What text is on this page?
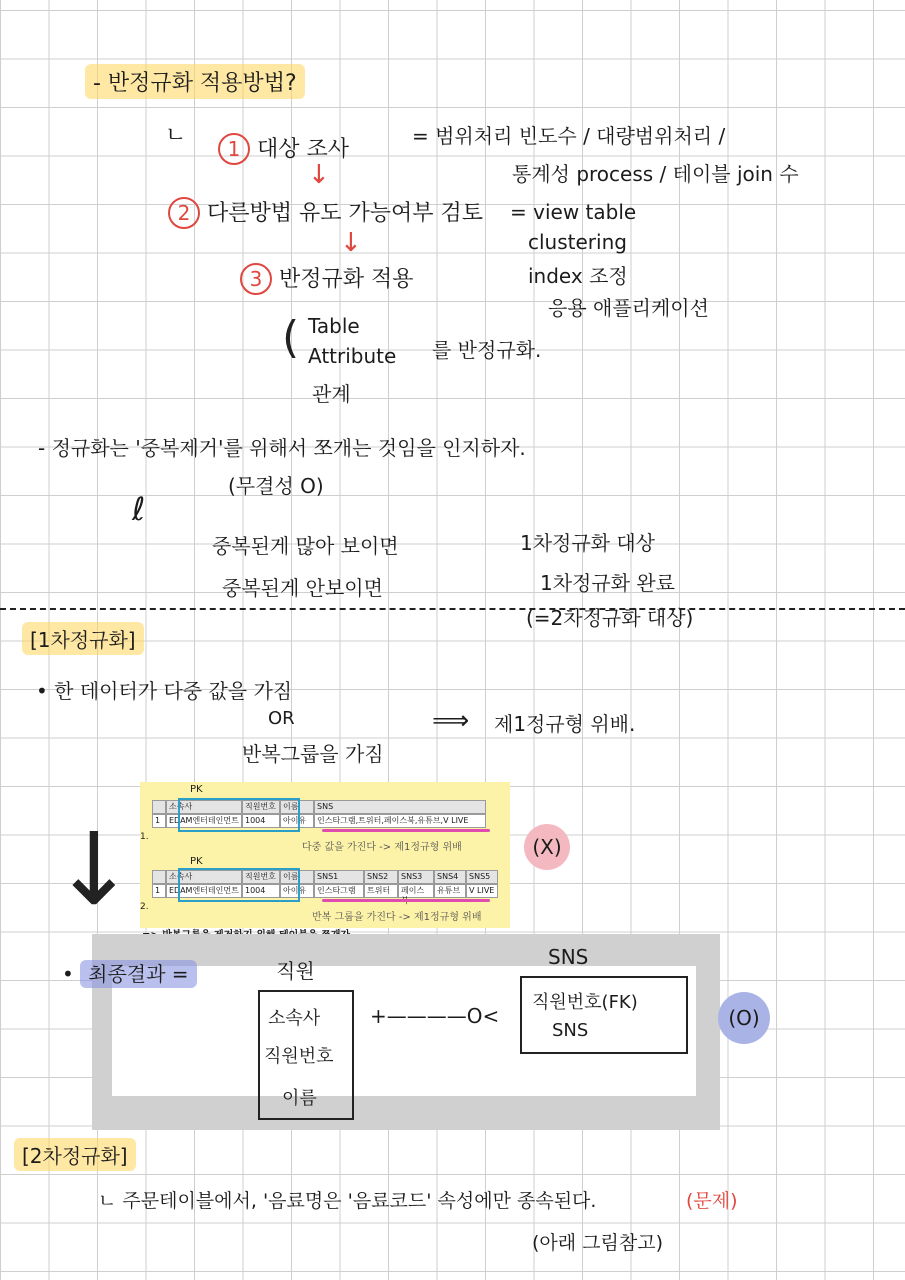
- 반정규화 적용방법?
ㄴ
1 대상 조사
= 범위처리 빈도수 / 대량범위처리 /
통계성 process / 테이블 join 수
↓
2 다른방법 유도 가능여부 검토 = view table
clustering
index 조정
응용 애플리케이션
↓
3 반정규화 적용
( Table
Attribute
관계
를 반정규화.
- 정규화는 '중복제거'를 위해서 쪼개는 것임을 인지하자.
(무결성 O)
ℓ
중복된게 많아 보이면	1차정규화 대상
중복된게 안보이면	1차정규화 완료
(=2차정규화 대상)
[1차정규화]
• 한 데이터가 다중 값을 가짐
OR
반복그룹을 가짐
⟹ 제1정규형 위배.
PK
1.
소속사	직원번호 이름	SNS
1	EDAM엔터테인먼트 1004	아이유	인스타그램,트위터,페이스북,유튜브,V LIVE
다중 값을 가진다 -> 제1정규형 위배
PK
2.
소속사	직원번호 이름	SNS1	SNS2	SNS3	SNS4	SNS5
1	EDAM엔터테인먼트 1004	아이유	인스타그램	트위터	페이스	유튜브	V LIVE
반복 그룹을 가진다 -> 제1정규형 위배
(X)
↓
• 최종결과 =	직원
소속사
직원번호
이름
+————O<
SNS
직원번호(FK)
SNS
(O)
[2차정규화]
ㄴ 주문테이블에서, '음료명은 '음료코드' 속성에만 종속된다.	(문제)
(아래 그림참고)
